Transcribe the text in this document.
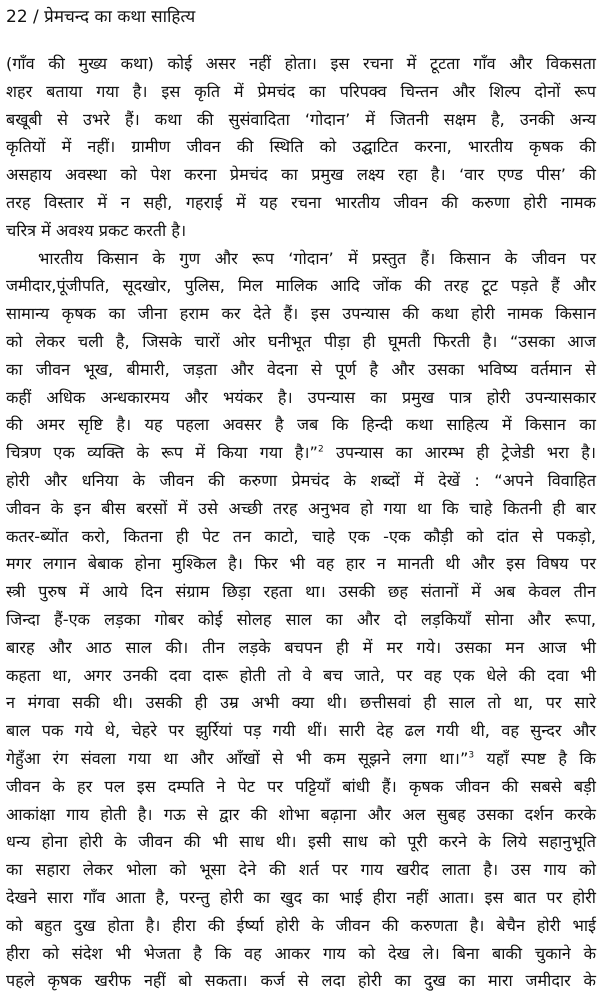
22 / प्रेमचन्द का कथा साहित्य
(गाँव की मुख्य कथा) कोई असर नहीं होता। इस रचना में टूटता गाँव और विकसता
शहर बताया गया है। इस कृति में प्रेमचंद का परिपक्व चिन्तन और शिल्प दोनों रूप
बखूबी से उभरे हैं। कथा की सुसंवादिता ‘गोदान’ में जितनी सक्षम है, उनकी अन्य
कृतियों में नहीं। ग्रामीण जीवन की स्थिति को उद्घाटित करना, भारतीय कृषक की
असहाय अवस्था को पेश करना प्रेमचंद का प्रमुख लक्ष्य रहा है। ‘वार एण्ड पीस’ की
तरह विस्तार में न सही, गहराई में यह रचना भारतीय जीवन की करुणा होरी नामक
चरित्र में अवश्य प्रकट करती है।
भारतीय किसान के गुण और रूप ‘गोदान’ में प्रस्तुत हैं। किसान के जीवन पर
जमीदार,पूंजीपति, सूदखोर, पुलिस, मिल मालिक आदि जोंक की तरह टूट पड़ते हैं और
सामान्य कृषक का जीना हराम कर देते हैं। इस उपन्यास की कथा होरी नामक किसान
को लेकर चली है, जिसके चारों ओर घनीभूत पीड़ा ही घूमती फिरती है। “उसका आज
का जीवन भूख, बीमारी, जड़ता और वेदना से पूर्ण है और उसका भविष्य वर्तमान से
कहीं अधिक अन्धकारमय और भयंकर है। उपन्यास का प्रमुख पात्र होरी उपन्यासकार
की अमर सृष्टि है। यह पहला अवसर है जब कि हिन्दी कथा साहित्य में किसान का
चित्रण एक व्यक्ति के रूप में किया गया है।”$^2$ उपन्यास का आरम्भ ही ट्रेजेडी भरा है।
होरी और धनिया के जीवन की करुणा प्रेमचंद के शब्दों में देखें : “अपने विवाहित
जीवन के इन बीस बरसों में उसे अच्छी तरह अनुभव हो गया था कि चाहे कितनी ही बार
कतर-ब्योंत करो, कितना ही पेट तन काटो, चाहे एक -एक कौड़ी को दांत से पकड़ो,
मगर लगान बेबाक होना मुश्किल है। फिर भी वह हार न मानती थी और इस विषय पर
स्त्री पुरुष में आये दिन संग्राम छिड़ा रहता था। उसकी छह संतानों में अब केवल तीन
जिन्दा हैं-एक लड़का गोबर कोई सोलह साल का और दो लड़कियाँ सोना और रूपा,
बारह और आठ साल की। तीन लड़के बचपन ही में मर गये। उसका मन आज भी
कहता था, अगर उनकी दवा दारू होती तो वे बच जाते, पर वह एक धेले की दवा भी
न मंगवा सकी थी। उसकी ही उम्र अभी क्या थी। छत्तीसवां ही साल तो था, पर सारे
बाल पक गये थे, चेहरे पर झुर्रियां पड़ गयी थीं। सारी देह ढल गयी थी, वह सुन्दर और
गेहुँआ रंग संवला गया था और आँखों से भी कम सूझने लगा था।”$^3$ यहाँ स्पष्ट है कि
जीवन के हर पल इस दम्पति ने पेट पर पट्टियाँ बांधी हैं। कृषक जीवन की सबसे बड़ी
आकांक्षा गाय होती है। गऊ से द्वार की शोभा बढ़ाना और अल सुबह उसका दर्शन करके
धन्य होना होरी के जीवन की भी साध थी। इसी साध को पूरी करने के लिये सहानुभूति
का सहारा लेकर भोला को भूसा देने की शर्त पर गाय खरीद लाता है। उस गाय को
देखने सारा गाँव आता है, परन्तु होरी का खुद का भाई हीरा नहीं आता। इस बात पर होरी
को बहुत दुख होता है। हीरा की ईर्ष्या होरी के जीवन की करुणता है। बेचैन होरी भाई
हीरा को संदेश भी भेजता है कि वह आकर गाय को देख ले। बिना बाकी चुकाने के
पहले कृषक खरीफ नहीं बो सकता। कर्ज से लदा होरी का दुख का मारा जमीदार के
